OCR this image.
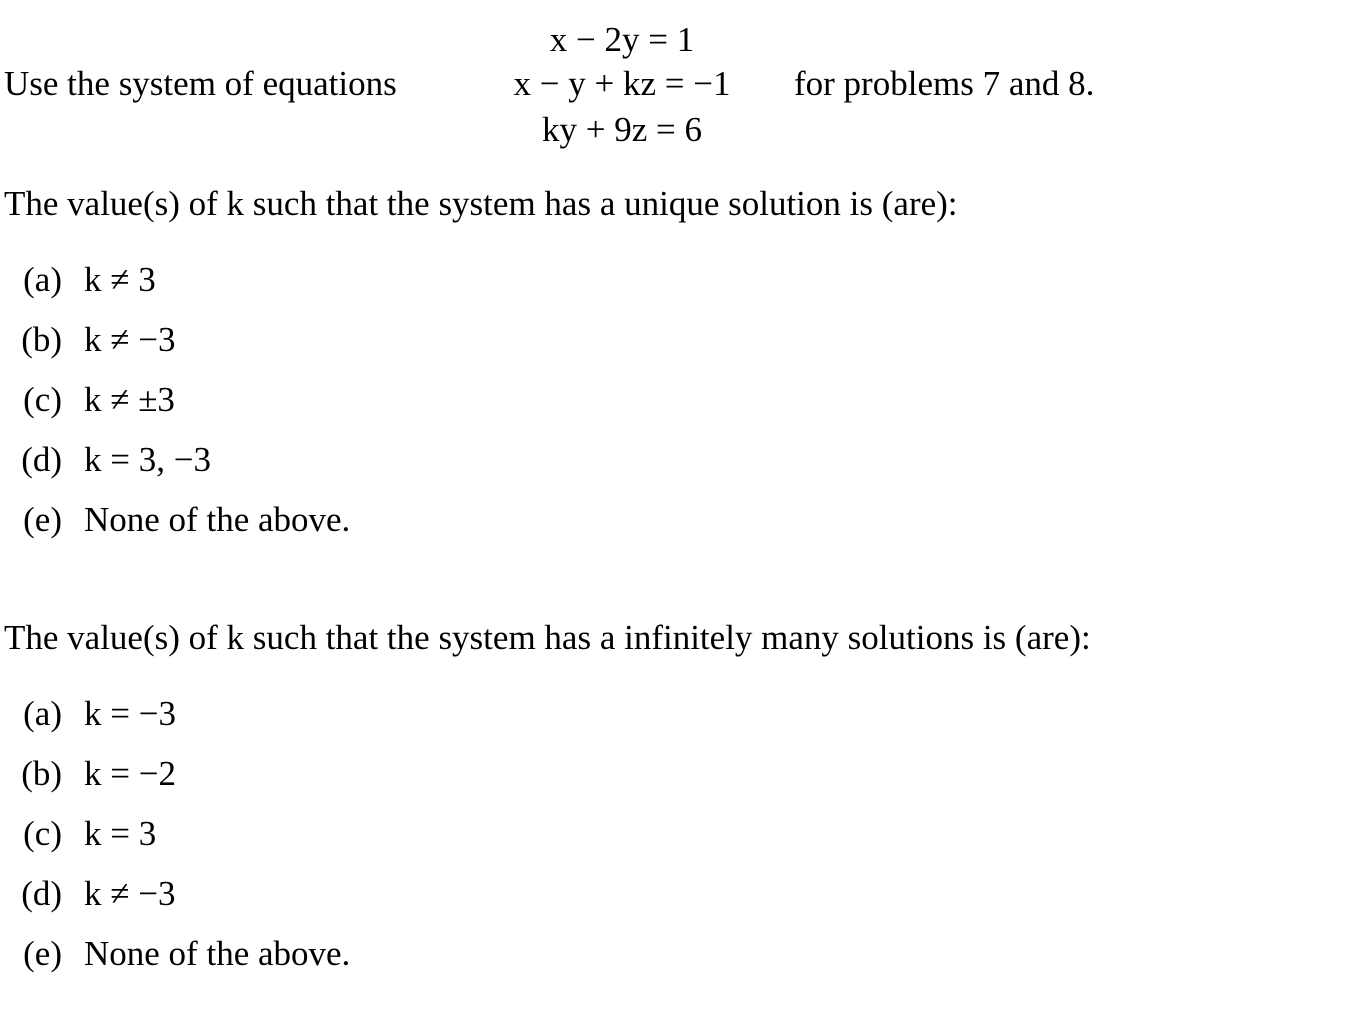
Use the system of equations
x − 2y = 1
x − y + kz = −1
ky + 9z = 6
for problems 7 and 8.
The value(s) of k such that the system has a unique solution is (are):
(a) k ≠ 3
(b) k ≠ −3
(c) k ≠ ±3
(d) k = 3, −3
(e) None of the above.
The value(s) of k such that the system has a infinitely many solutions is (are):
(a) k = −3
(b) k = −2
(c) k = 3
(d) k ≠ −3
(e) None of the above.
